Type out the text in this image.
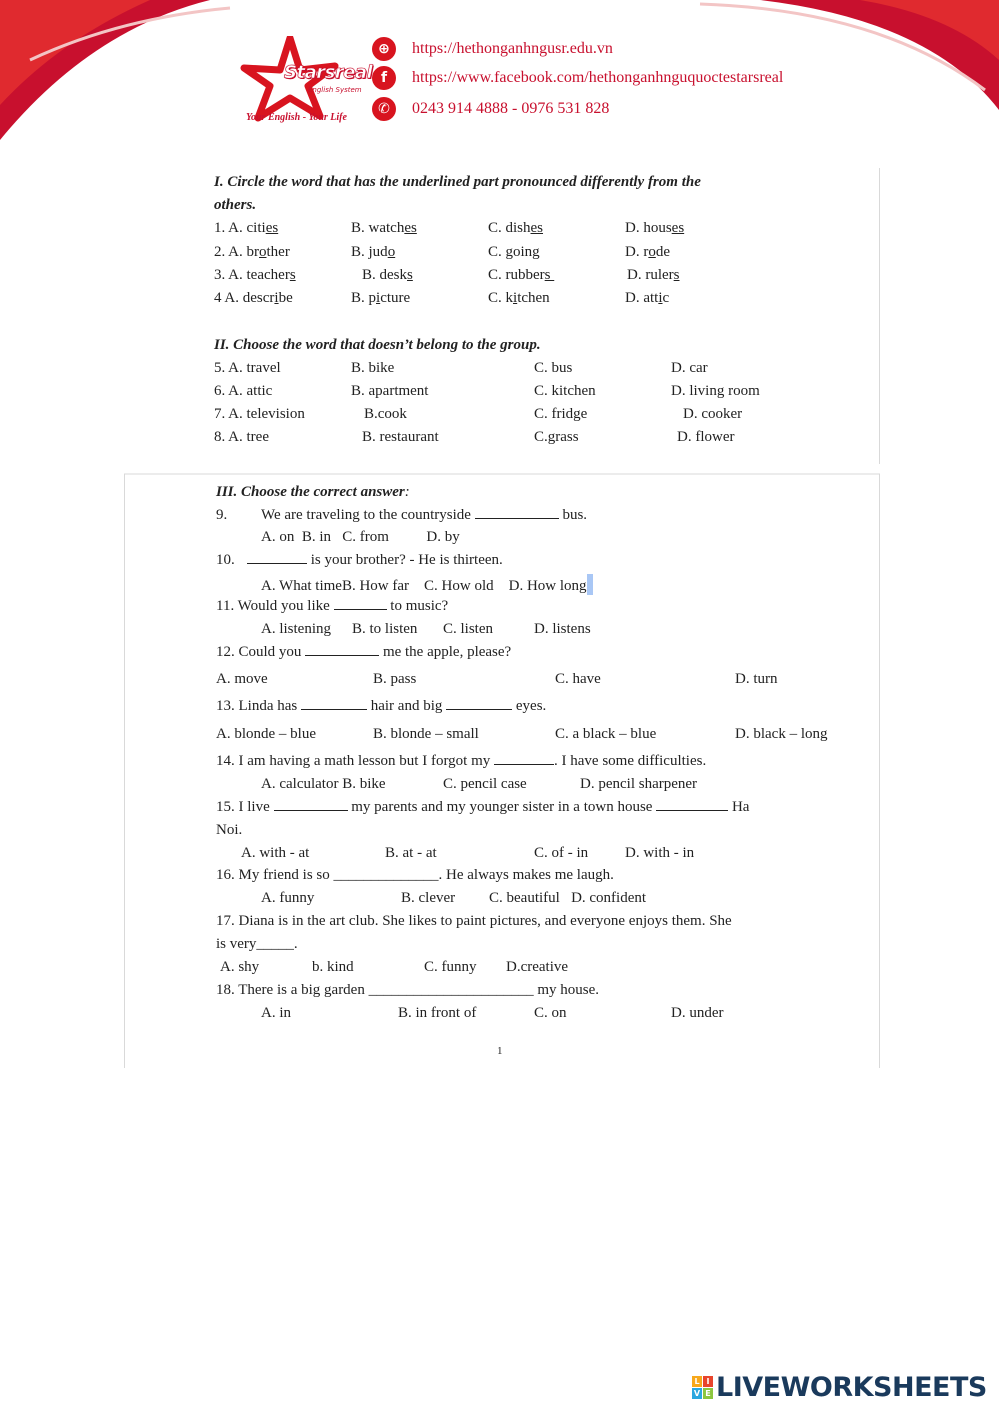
Starsreal
English System
Your English - Your Life
⊕	https://hethonganhngusr.edu.vn
f	https://www.facebook.com/hethonganhnguquoctestarsreal
✆	0243 914 4888 - 0976 531 828
I. Circle the word that has the underlined part pronounced differently from the
others.
1. A. cities	B. watches	C. dishes	D. houses
2. A. brother	B. judo	C. going	D. rode
3. A. teachers	B. desks	C. rubbers	D. rulers
4 A. describe	B. picture	C. kitchen	D. attic
II. Choose the word that doesn’t belong to the group.
5. A. travel	B. bike	C. bus	D. car
6. A. attic	B. apartment	C. kitchen	D. living room
7. A. television	B.cook	C. fridge	D. cooker
8. A. tree	B. restaurant	C.grass	D. flower
III. Choose the correct answer:
9. We are traveling to the countryside	bus.
A. on  B. in   C. from          D. by
10.	is your brother? - He is thirteen.
A. What timeB. How far    C. How old    D. How long
11. Would you like	to music?
A. listening B. to listen C. listen	D. listens
12. Could you	me the apple, please?
A. move	B. pass	C. have	D. turn
13. Linda has	hair and big	eyes.
A. blonde – blue	B. blonde – small	C. a black – blue	D. black – long
14. I am having a math lesson but I forgot my	. I have some difficulties.
A. calculator B. bike	C. pencil case	D. pencil sharpener
15. I live	my parents and my younger sister in a town house	Ha
Noi.
A. with - at	B. at - at	C. of - in D. with - in
16. My friend is so ______________. He always makes me laugh.
A. funny	B. clever C. beautiful   D. confident
17. Diana is in the art club. She likes to paint pictures, and everyone enjoys them. She
is very_____.
A. shy	b. kind	C. funny D.creative
18. There is a big garden ______________________ my house.
A. in	B. in front of	C. on	D. under
1
L I
V E LIVEWORKSHEETS
